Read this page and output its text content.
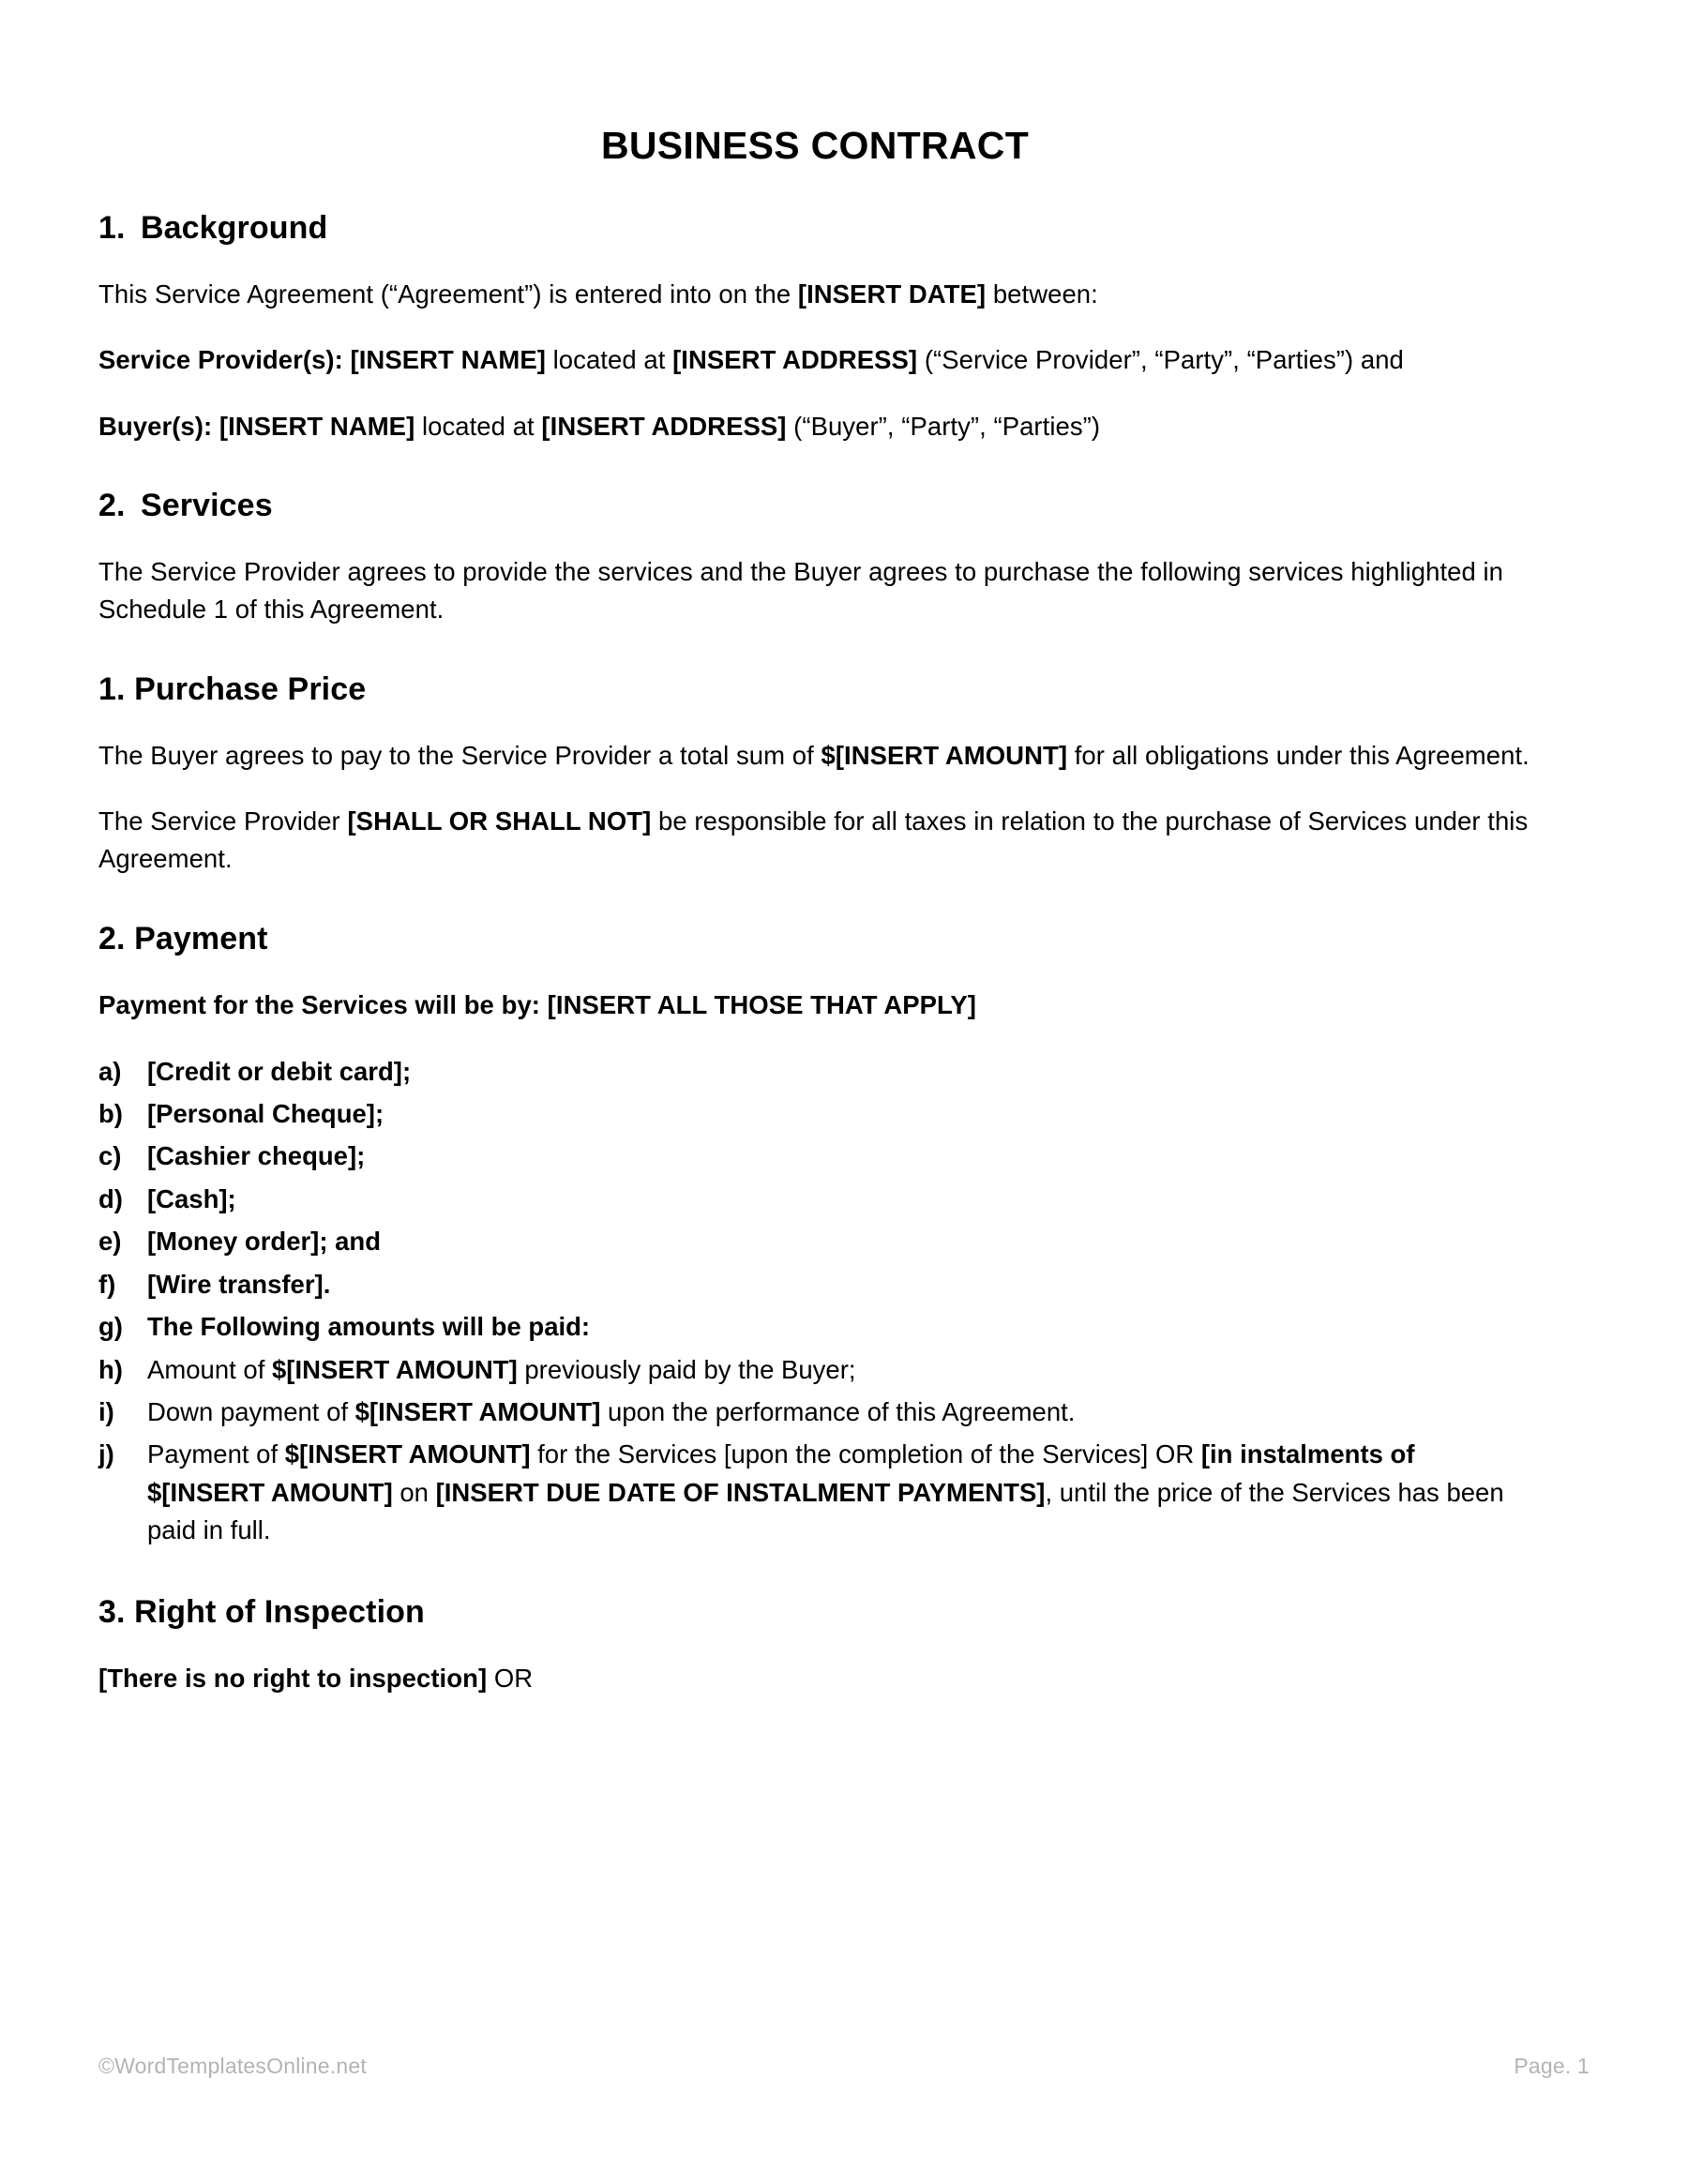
BUSINESS CONTRACT
1. Background

This Service Agreement (“Agreement”) is entered into on the [INSERT DATE] between:

Service Provider(s): [INSERT NAME] located at [INSERT ADDRESS] (“Service Provider”, “Party”, “Parties”) and

Buyer(s): [INSERT NAME] located at [INSERT ADDRESS] (“Buyer”, “Party”, “Parties”)

2. Services

The Service Provider agrees to provide the services and the Buyer agrees to purchase the following services highlighted in Schedule 1 of this Agreement.

1. Purchase Price

The Buyer agrees to pay to the Service Provider a total sum of $[INSERT AMOUNT] for all obligations under this Agreement.

The Service Provider [SHALL OR SHALL NOT] be responsible for all taxes in relation to the purchase of Services under this Agreement.

2. Payment

Payment for the Services will be by: [INSERT ALL THOSE THAT APPLY]

a)	[Credit or debit card];
b) [Personal Cheque];
c)	[Cashier cheque];
d) [Cash];
e)	[Money order]; and
f)	[Wire transfer].
g) The Following amounts will be paid:
h) Amount of $[INSERT AMOUNT] previously paid by the Buyer;
i)	Down payment of $[INSERT AMOUNT] upon the performance of this Agreement.
j)	Payment of $[INSERT AMOUNT] for the Services [upon the completion of the Services] OR [in instalments of $[INSERT AMOUNT] on [INSERT DUE DATE OF INSTALMENT PAYMENTS], until the price of the Services has been paid in full.
3. Right of Inspection

[There is no right to inspection] OR

©WordTemplatesOnline.net	Page. 1
